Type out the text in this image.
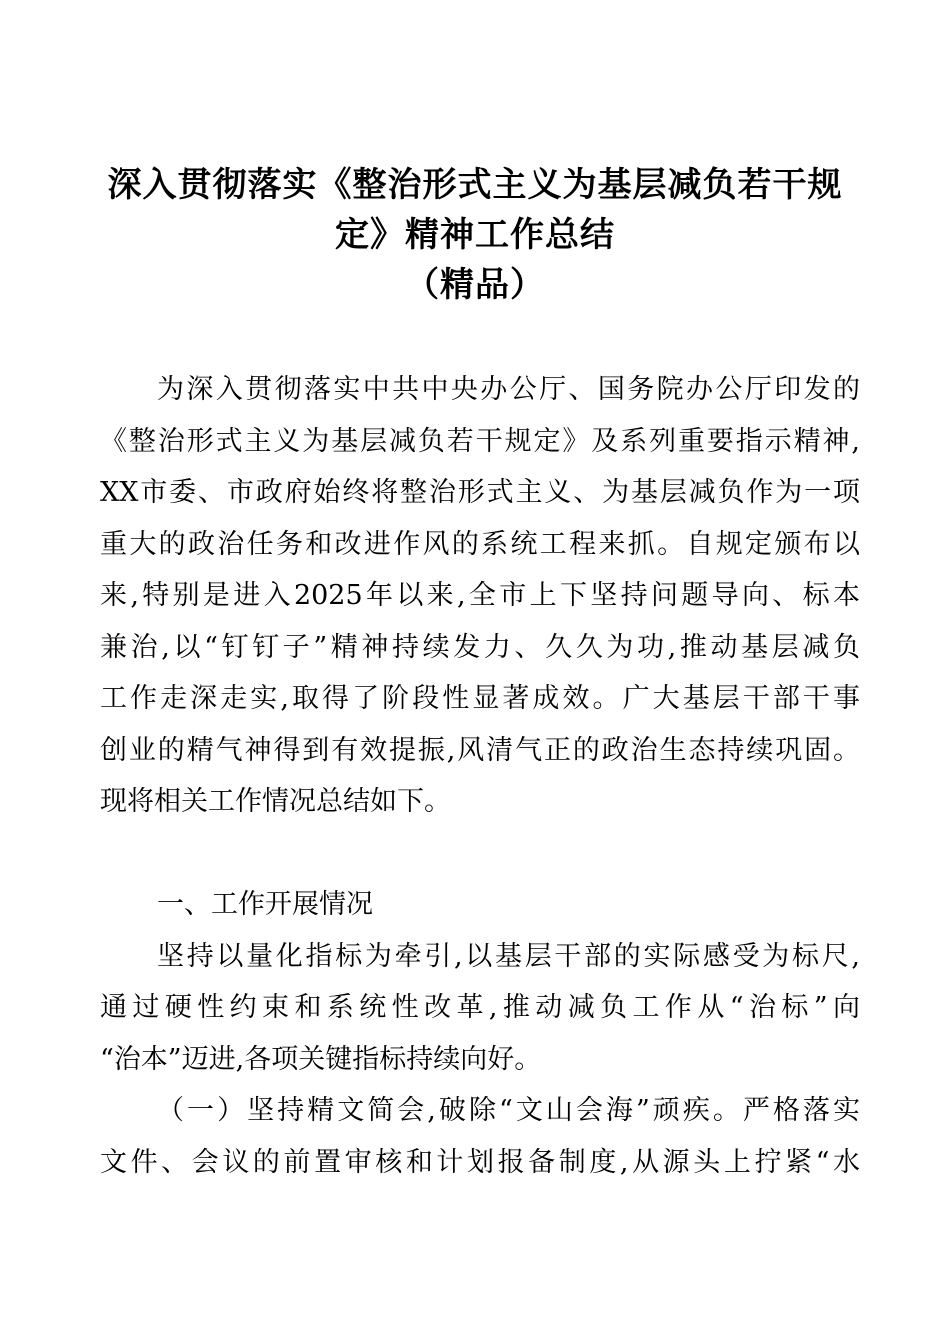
深入贯彻落实《整治形式主义为基层减负若干规
定》精神工作总结
（精品）
为深入贯彻落实中共中央办公厅、国务院办公厅印发的
《整治形式主义为基层减负若干规定》及系列重要指示精神,
XX市委、市政府始终将整治形式主义、为基层减负作为一项
重大的政治任务和改进作风的系统工程来抓。自规定颁布以
来,特别是进入2025年以来,全市上下坚持问题导向、标本
兼治,以“钉钉子”精神持续发力、久久为功,推动基层减负
工作走深走实,取得了阶段性显著成效。广大基层干部干事
创业的精气神得到有效提振,风清气正的政治生态持续巩固。
现将相关工作情况总结如下。
一、工作开展情况
坚持以量化指标为牵引,以基层干部的实际感受为标尺,
通过硬性约束和系统性改革,推动减负工作从“治标”向
“治本”迈进,各项关键指标持续向好。
（一）坚持精文简会,破除“文山会海”顽疾。严格落实
文件、会议的前置审核和计划报备制度,从源头上拧紧“水
